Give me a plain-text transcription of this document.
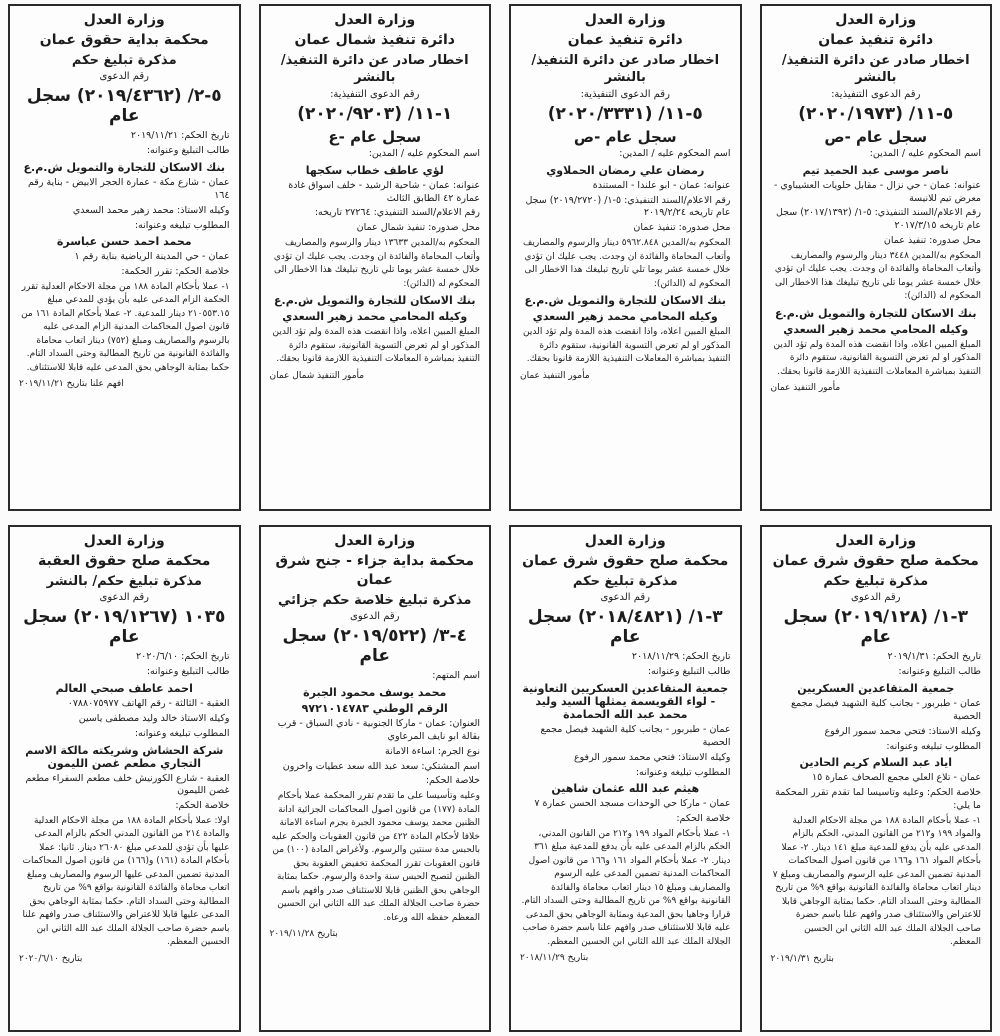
وزارة العدل
دائرة تنفيذ عمان
اخطار صادر عن دائرة التنفيذ/بالنشر
رقم الدعوى التنفيذية:
٥-١١/ (٢٠٢٠/١٩٧٣)
سجل عام -ص
اسم المحكوم عليه / المدين:
ناصر موسى عبد الحميد تيم
عنوانه: عمان - حي نزال - مقابل حلويات العشيباوي - معرض تيم للانيسة
رقم الاعلام/السند التنفيذي: ٥-١/ (٢٠١٧/١٣٩٢) سجل عام تاريخه ٢٠١٧/٣/١٥
محل صدوره: تنفيذ عمان
المحكوم به/المدين ٣٤٤٨ دينار والرسوم والمصاريف وأتعاب المحاماة والفائدة ان وجدت. يجب عليك ان تؤدي خلال خمسة عشر يوما تلي تاريخ تبليغك هذا الاخطار الى المحكوم له (الدائن):
بنك الاسكان للتجارة والتمويل ش.م.ع
وكيله المحامي محمد زهير السعدي
المبلغ المبين اعلاه، واذا انقضت هذه المدة ولم تؤد الدين المذكور او لم تعرض التسوية القانونية، ستقوم دائرة التنفيذ بمباشرة المعاملات التنفيذية اللازمة قانونا بحقك.
مأمور التنفيذ عمان
وزارة العدل
دائرة تنفيذ عمان
اخطار صادر عن دائرة التنفيذ/بالنشر
رقم الدعوى التنفيذية:
٥-١١/ (٢٠٢٠/٣٣٣١)
سجل عام -ص
اسم المحكوم عليه / المدين:
رمضان علي رمضان الحملاوي
عنوانه: عمان - ابو علندا - المستندة
رقم الاعلام/السند التنفيذي: ٥-١/ (٢٠١٩/٢٧٢٠) سجل عام تاريخه ٢٠١٩/٢/٢٤
محل صدوره: تنفيذ عمان
المحكوم به/المدين ٥٩٦٢.٨٤٨ دينار والرسوم والمصاريف وأتعاب المحاماة والفائدة ان وجدت. يجب عليك ان تؤدي خلال خمسة عشر يوما تلي تاريخ تبليغك هذا الاخطار الى المحكوم له (الدائن):
بنك الاسكان للتجارة والتمويل ش.م.ع
وكيله المحامي محمد زهير السعدي
المبلغ المبين اعلاه، واذا انقضت هذه المدة ولم تؤد الدين المذكور او لم تعرض التسوية القانونية، ستقوم دائرة التنفيذ بمباشرة المعاملات التنفيذية اللازمة قانونا بحقك.
مأمور التنفيذ عمان
وزارة العدل
دائرة تنفيذ شمال عمان
اخطار صادر عن دائرة التنفيذ/بالنشر
رقم الدعوى التنفيذية:
١-١١/ (٢٠٢٠/٩٢٠٣)
سجل عام -ع
اسم المحكوم عليه / المدين:
لؤي عاطف خطاب سكجها
عنوانه: عمان - شاحية الرشيد - خلف اسواق غادة عمارة ٤٢ الطابق الثالث
رقم الاعلام/السند التنفيذي: ٢٧٢٦٤ تاريخه:
محل صدوره: تنفيذ شمال عمان
المحكوم به/المدين ١٣٦٣٣ دينار والرسوم والمصاريف وأتعاب المحاماة والفائدة ان وجدت. يجب عليك ان تؤدي خلال خمسة عشر يوما تلي تاريخ تبليغك هذا الاخطار الى المحكوم له (الدائن):
بنك الاسكان للتجارة والتمويل ش.م.ع
وكيله المحامي محمد زهير السعدي
المبلغ المبين اعلاه، واذا انقضت هذه المدة ولم تؤد الدين المذكور او لم تعرض التسوية القانونية، ستقوم دائرة التنفيذ بمباشرة المعاملات التنفيذية اللازمة قانونا بحقك.
مأمور التنفيذ شمال عمان
وزارة العدل
محكمة بداية حقوق عمان
مذكرة تبليغ حكم
رقم الدعوى
٥-٢/ (٢٠١٩/٤٣٦٢) سجل عام
تاريخ الحكم: ٢٠١٩/١١/٢١
طالب التبليغ وعنوانه:
بنك الاسكان للتجارة والتمويل ش.م.ع
عمان - شارع مكة - عمارة الحجر الابيض - بناية رقم ١٦٤
وكيله الاستاذ: محمد زهير محمد السعدي
المطلوب تبليغه وعنوانه:
محمد احمد حسن عباسرة
عمان - حي المدينة الرياضية بناية رقم ١
خلاصة الحكم: تقرر الحكمة:
١- عملا بأحكام المادة ١٨٨ من مجلة الاحكام العدلية تقرر الحكمة الزام المدعى عليه بأن يؤدي للمدعي مبلغ ٢١٠٥٥٣.١٥ دينار للمدعية. ٢- عملا بأحكام المادة ١٦١ من قانون اصول المحاكمات المدنية الزام المدعى عليه بالرسوم والمصاريف ومبلغ (٧٥٢) دينار اتعاب محاماة والفائدة القانونية من تاريخ المطالبة وحتى السداد التام. حكما بمثابة الوجاهي بحق المدعى عليه قابلا للاستئناف.
افهم علنا بتاريخ ٢٠١٩/١١/٢١
وزارة العدل
محكمة صلح حقوق شرق عمان
مذكرة تبليغ حكم
رقم الدعوى
٣-١/ (٢٠١٩/١٢٨) سجل عام
تاريخ الحكم: ٢٠١٩/١/٣١
طالب التبليغ وعنوانه:
جمعية المتقاعدين العسكريين
عمان - طبربور - بجانب كلية الشهيد فيصل مجمع الحصية
وكيله الاستاذ: فتحي محمد سمور الرفوع
المطلوب تبليغه وعنوانه:
اياد عبد السلام كريم الحادين
عمان - تلاع العلي مجمع الصحاف عمارة ١٥
خلاصة الحكم: وعليه وتاسيسا لما تقدم تقرر المحكمة ما يلي:
١- عملا بأحكام المادة ١٨٨ من مجلة الاحكام العدلية والمواد ١٩٩ و٢١٢ من القانون المدني، الحكم بالزام المدعى عليه بأن يدفع للمدعية مبلغ ١٤١ دينار. ٢- عملا بأحكام المواد ١٦١ و١٦٦ من قانون اصول المحاكمات المدنية تضمين المدعى عليه الرسوم والمصاريف ومبلغ ٧ دينار اتعاب محاماة والفائدة القانونية بواقع ٩% من تاريخ المطالبة وحتى السداد التام. حكما بمثابة الوجاهي قابلا للاعتراض والاستئناف صدر وافهم علنا باسم حضرة صاحب الجلالة الملك عبد الله الثاني ابن الحسين المعظم.
بتاريخ ٢٠١٩/١/٣١
وزارة العدل
محكمة صلح حقوق شرق عمان
مذكرة تبليغ حكم
رقم الدعوى
٣-١/ (٢٠١٨/٤٨٢١) سجل عام
تاريخ الحكم: ٢٠١٨/١١/٢٩
طالب التبليغ وعنوانه:
جمعية المتقاعدين العسكريين التعاونية - لواء القويسمة يمثلها السيد وليد محمد عبد الله الحمامدة
عمان - طبربور - بجانب كلية الشهيد فيصل مجمع الحصية
وكيله الاستاذ: فتحي محمد سمور الرفوع
المطلوب تبليغه وعنوانه:
هيثم عبد الله عثمان شاهين
عمان - ماركا حي الوحدات مسجد الحسن عمارة ٧
خلاصة الحكم:
١- عملا بأحكام المواد ١٩٩ و٢١٢ من القانون المدني، الحكم بالزام المدعى عليه بأن يدفع للمدعية مبلغ ٣٦١ دينار. ٢- عملا بأحكام المواد ١٦١ و١٦٦ من قانون اصول المحاكمات المدنية تضمين المدعى عليه الرسوم والمصاريف ومبلغ ١٥ دينار اتعاب محاماة والفائدة القانونية بواقع ٩% من تاريخ المطالبة وحتى السداد التام. قرارا وجاهيا بحق المدعية وبمثابة الوجاهي بحق المدعى عليه قابلا للاستئناف صدر وافهم علنا باسم حضرة صاحب الجلالة الملك عبد الله الثاني ابن الحسين المعظم.
بتاريخ ٢٠١٨/١١/٢٩
وزارة العدل
محكمة بداية جزاء - جنح شرق عمان
مذكرة تبليغ خلاصة حكم جزائي
رقم الدعوى
٤-٣/ (٢٠١٩/٥٢٢) سجل عام
اسم المتهم:
محمد يوسف محمود الجبرة
الرقم الوطني ٩٧٢١٠١٤٧٨٣
العنوان: عمان - ماركا الجنوبية - نادي السباق - قرب بقالة ابو نايف المرعاوي
نوع الجرم: اساءة الامانة
اسم المشتكي: سعد عبد الله سعد عطيات واخرون
خلاصة الحكم:
وعليه وتأسيسا على ما تقدم تقرر المحكمة عملا بأحكام المادة (١٧٧) من قانون اصول المحاكمات الجزائية ادانة الظنين محمد يوسف محمود الجبرة بجرم اساءة الامانة خلافا لأحكام المادة ٤٢٢ من قانون العقوبات والحكم عليه بالحبس مدة سنتين والرسوم. ولأغراض المادة (١٠٠) من قانون العقوبات تقرر المحكمة تخفيض العقوبة بحق الظنين لتصبح الحبس سنة واحدة والرسوم. حكما بمثابة الوجاهي بحق الظنين قابلا للاستئناف صدر وافهم باسم حضرة صاحب الجلالة الملك عبد الله الثاني ابن الحسين المعظم حفظه الله ورعاه.
بتاريخ ٢٠١٩/١١/٢٨
وزارة العدل
محكمة صلح حقوق العقبة
مذكرة تبليغ حكم/ بالنشر
رقم الدعوى
١٠٣٥ (٢٠١٩/١٢٦٧) سجل عام
تاريخ الحكم: ٢٠٢٠/٦/١٠
طالب التبليغ وعنوانه:
احمد عاطف صبحي العالم
العقبة - الثالثة - رقم الهاتف ٠٧٨٨٠٧٥٩٧٧
وكيله الاستاذ خالد وليد مصطفى ياسين
المطلوب تبليغه وعنوانه:
شركة الحشاش وشريكته مالكة الاسم التجاري مطعم غصن الليمون
العقبة - شارع الكورنيش خلف مطعم السفراء مطعم غصن الليمون
خلاصة الحكم:
اولا: عملا بأحكام المادة ١٨٨ من مجلة الاحكام العدلية والمادة ٢١٤ من القانون المدني الحكم بالزام المدعى عليها بأن تؤدي للمدعي مبلغ ٢٦٠٨٠ دينار. ثانيا: عملا بأحكام المادة (١٦١) و(١٦٦) من قانون اصول المحاكمات المدنية تضمين المدعى عليها الرسوم والمصاريف ومبلغ اتعاب محاماة والفائدة القانونية بواقع ٩% من تاريخ المطالبة وحتى السداد التام. حكما بمثابة الوجاهي بحق المدعى عليها قابلا للاعتراض والاستئناف صدر وافهم علنا باسم حضرة صاحب الجلالة الملك عبد الله الثاني ابن الحسين المعظم.
بتاريخ ٢٠٢٠/٦/١٠
